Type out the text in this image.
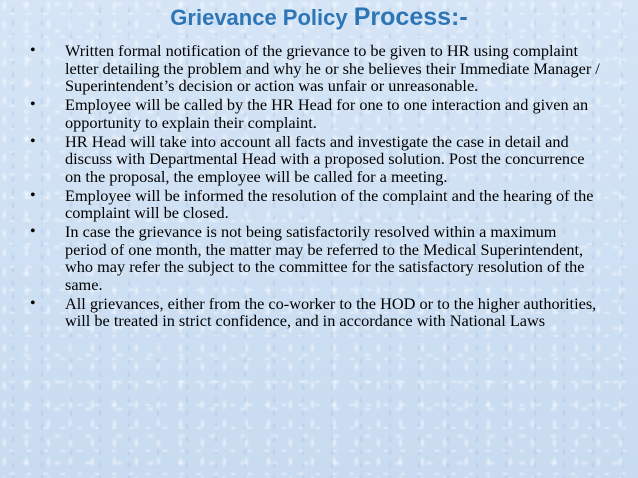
Grievance Policy Process:-
• Written formal notification of the grievance to be given to HR using complaint letter detailing the problem and why he or she believes their Immediate Manager / Superintendent’s decision or action was unfair or unreasonable.
• Employee will be called by the HR Head for one to one interaction and given an opportunity to explain their complaint.
• HR Head will take into account all facts and investigate the case in detail and discuss with Departmental Head with a proposed solution. Post the concurrence on the proposal, the employee will be called for a meeting.
• Employee will be informed the resolution of the complaint and the hearing of the complaint will be closed.
• In case the grievance is not being satisfactorily resolved within a maximum period of one month, the matter may be referred to the Medical Superintendent, who may refer the subject to the committee for the satisfactory resolution of the same.
• All grievances, either from the co-worker to the HOD or to the higher authorities, will be treated in strict confidence, and in accordance with National Laws
